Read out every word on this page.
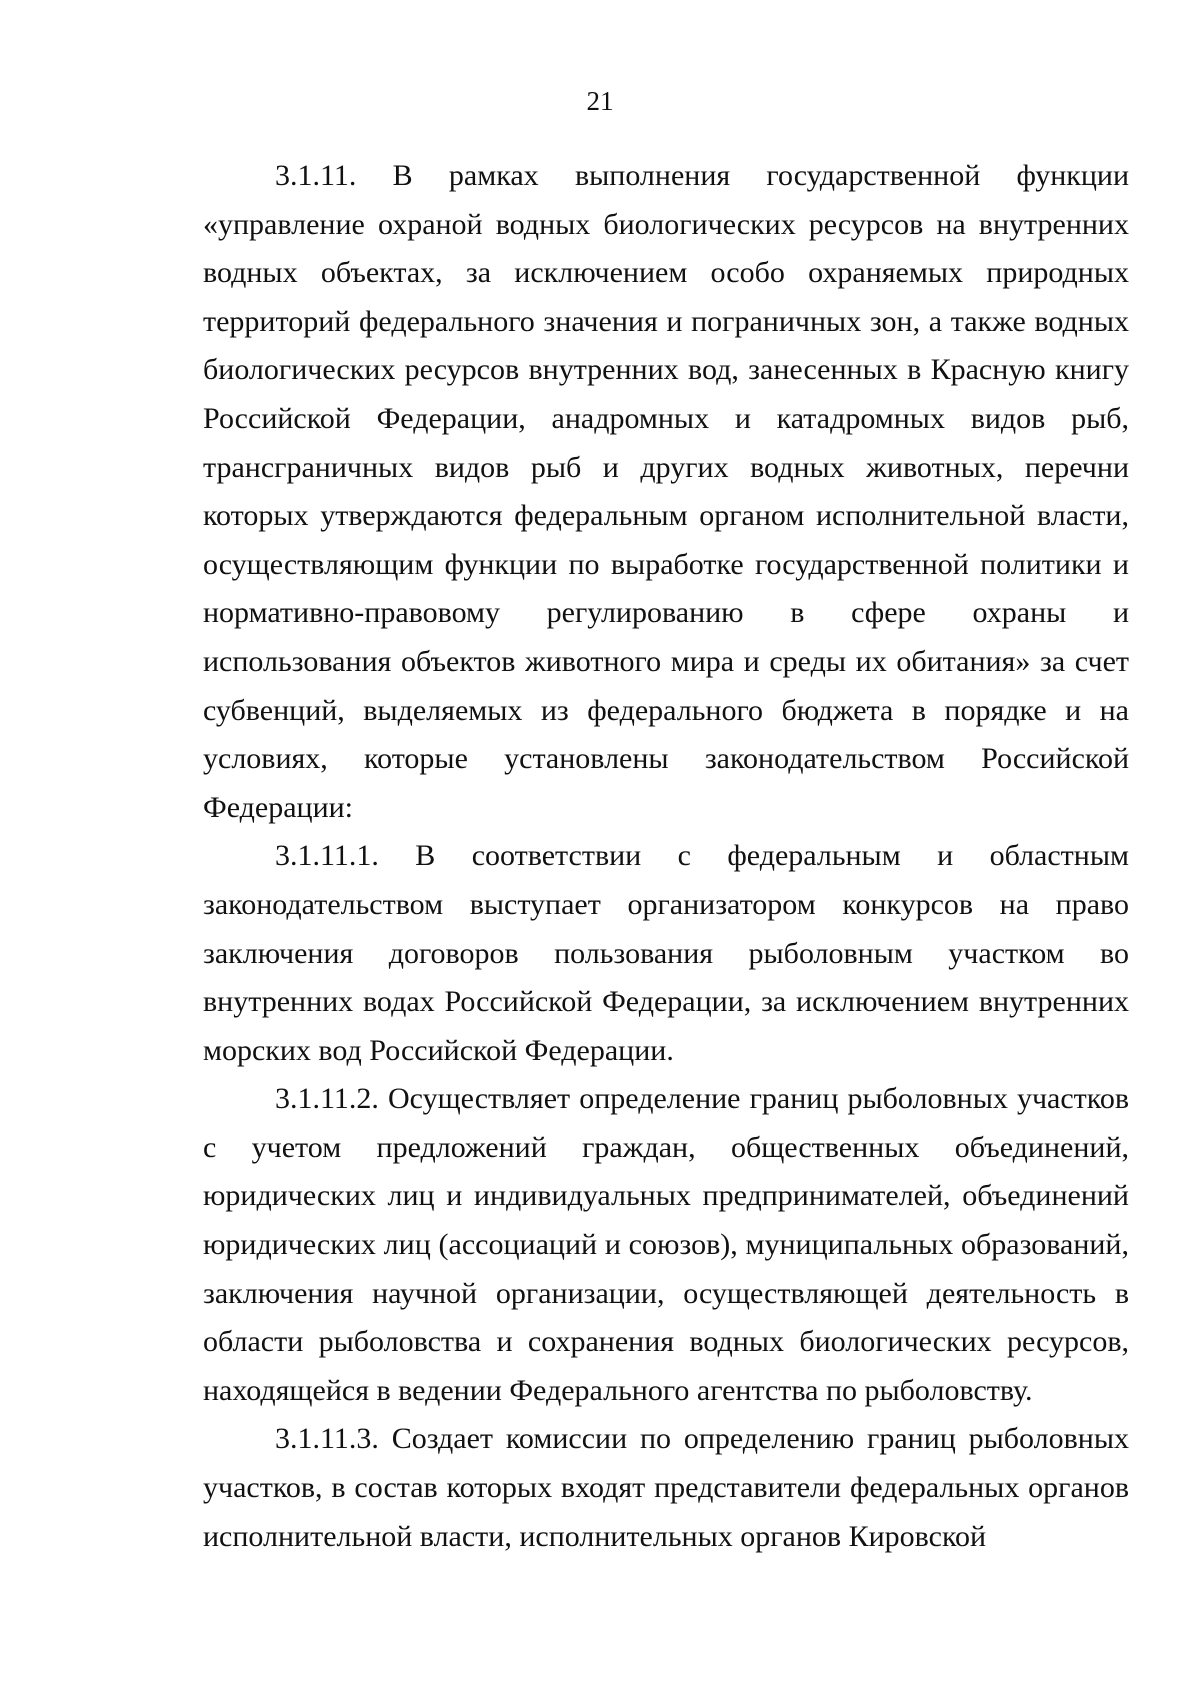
21

3.1.11. В рамках выполнения государственной функции «управление охраной водных биологических ресурсов на внутренних водных объектах, за исключением особо охраняемых природных территорий федерального значения и пограничных зон, а также водных биологических ресурсов внутренних вод, занесенных в Красную книгу Российской Федерации, анадромных и катадромных видов рыб, трансграничных видов рыб и других водных животных, перечни которых утверждаются федеральным органом исполнительной власти, осуществляющим функции по выработке государственной политики и нормативно-правовому регулированию в сфере охраны и использования объектов животного мира и среды их обитания» за счет субвенций, выделяемых из федерального бюджета в порядке и на условиях, которые установлены законодательством Российской Федерации:

3.1.11.1. В соответствии с федеральным и областным законодательством выступает организатором конкурсов на право заключения договоров пользования рыболовным участком во внутренних водах Российской Федерации, за исключением внутренних морских вод Российской Федерации.

3.1.11.2. Осуществляет определение границ рыболовных участков с учетом предложений граждан, общественных объединений, юридических лиц и индивидуальных предпринимателей, объединений юридических лиц (ассоциаций и союзов), муниципальных образований, заключения научной организации, осуществляющей деятельность в области рыболовства и сохранения водных биологических ресурсов, находящейся в ведении Федерального агентства по рыболовству.

3.1.11.3. Создает комиссии по определению границ рыболовных участков, в состав которых входят представители федеральных органов исполнительной власти, исполнительных органов Кировской
